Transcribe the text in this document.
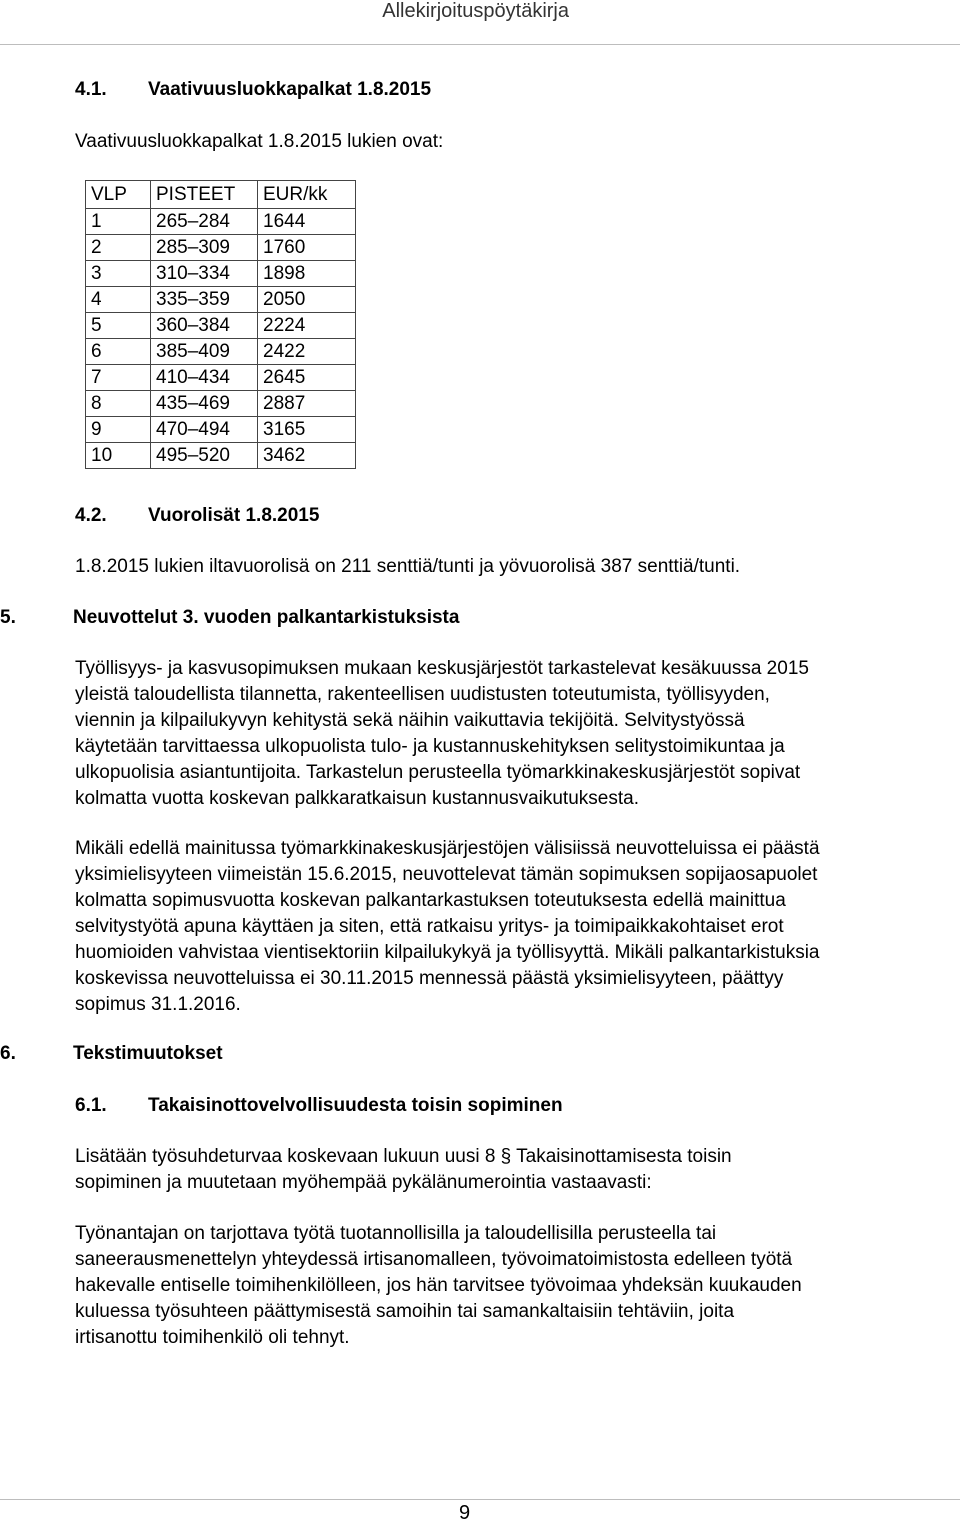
Allekirjoituspöytäkirja
4.1. Vaativuusluokkapalkat 1.8.2015
Vaativuusluokkapalkat 1.8.2015 lukien ovat:
VLP	PISTEET	EUR/kk
1	265–284	1644
2	285–309	1760
3	310–334	1898
4	335–359	2050
5	360–384	2224
6	385–409	2422
7	410–434	2645
8	435–469	2887
9	470–494	3165
10	495–520	3462
4.2. Vuorolisät 1.8.2015
1.8.2015 lukien iltavuorolisä on 211 senttiä/tunti ja yövuorolisä 387 senttiä/tunti.
5.	Neuvottelut 3. vuoden palkantarkistuksista
Työllisyys- ja kasvusopimuksen mukaan keskusjärjestöt tarkastelevat kesäkuussa 2015
yleistä taloudellista tilannetta, rakenteellisen uudistusten toteutumista, työllisyyden,
viennin ja kilpailukyvyn kehitystä sekä näihin vaikuttavia tekijöitä. Selvitystyössä
käytetään tarvittaessa ulkopuolista tulo- ja kustannuskehityksen selitystoimikuntaa ja
ulkopuolisia asiantuntijoita. Tarkastelun perusteella työmarkkinakeskusjärjestöt sopivat
kolmatta vuotta koskevan palkkaratkaisun kustannusvaikutuksesta.
Mikäli edellä mainitussa työmarkkinakeskusjärjestöjen välisiissä neuvotteluissa ei päästä
yksimielisyyteen viimeistän 15.6.2015, neuvottelevat tämän sopimuksen sopijaosapuolet
kolmatta sopimusvuotta koskevan palkantarkastuksen toteutuksesta edellä mainittua
selvitystyötä apuna käyttäen ja siten, että ratkaisu yritys- ja toimipaikkakohtaiset erot
huomioiden vahvistaa vientisektoriin kilpailukykyä ja työllisyyttä. Mikäli palkantarkistuksia
koskevissa neuvotteluissa ei 30.11.2015 mennessä päästä yksimielisyyteen, päättyy
sopimus 31.1.2016.
6.	Tekstimuutokset
6.1. Takaisinottovelvollisuudesta toisin sopiminen
Lisätään työsuhdeturvaa koskevaan lukuun uusi 8 § Takaisinottamisesta toisin
sopiminen ja muutetaan myöhempää pykälänumerointia vastaavasti:
Työnantajan on tarjottava työtä tuotannollisilla ja taloudellisilla perusteella tai
saneerausmenettelyn yhteydessä irtisanomalleen, työvoimatoimistosta edelleen työtä
hakevalle entiselle toimihenkilölleen, jos hän tarvitsee työvoimaa yhdeksän kuukauden
kuluessa työsuhteen päättymisestä samoihin tai samankaltaisiin tehtäviin, joita
irtisanottu toimihenkilö oli tehnyt.
9
